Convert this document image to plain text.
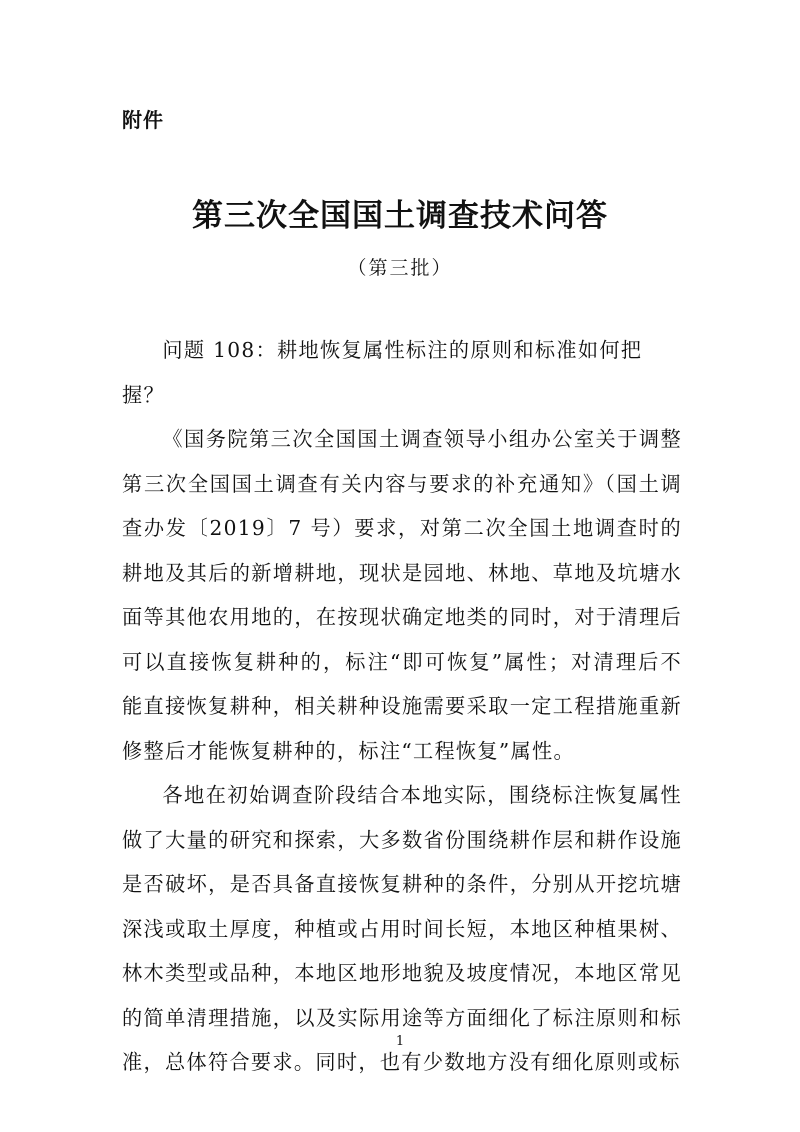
附件
第三次全国国土调查技术问答
（第三批）

问题 108：耕地恢复属性标注的原则和标准如何把握？

《国务院第三次全国国土调查领导小组办公室关于调整第三次全国国土调查有关内容与要求的补充通知》（国土调查办发〔2019〕7 号）要求，对第二次全国土地调查时的耕地及其后的新增耕地，现状是园地、林地、草地及坑塘水面等其他农用地的，在按现状确定地类的同时，对于清理后可以直接恢复耕种的，标注“即可恢复”属性；对清理后不能直接恢复耕种，相关耕种设施需要采取一定工程措施重新修整后才能恢复耕种的，标注“工程恢复”属性。

各地在初始调查阶段结合本地实际，围绕标注恢复属性做了大量的研究和探索，大多数省份围绕耕作层和耕作设施是否破坏，是否具备直接恢复耕种的条件，分别从开挖坑塘深浅或取土厚度，种植或占用时间长短，本地区种植果树、林木类型或品种，本地区地形地貌及坡度情况，本地区常见的简单清理措施，以及实际用途等方面细化了标注原则和标准，总体符合要求。同时，也有少数地方没有细化原则或标

1
